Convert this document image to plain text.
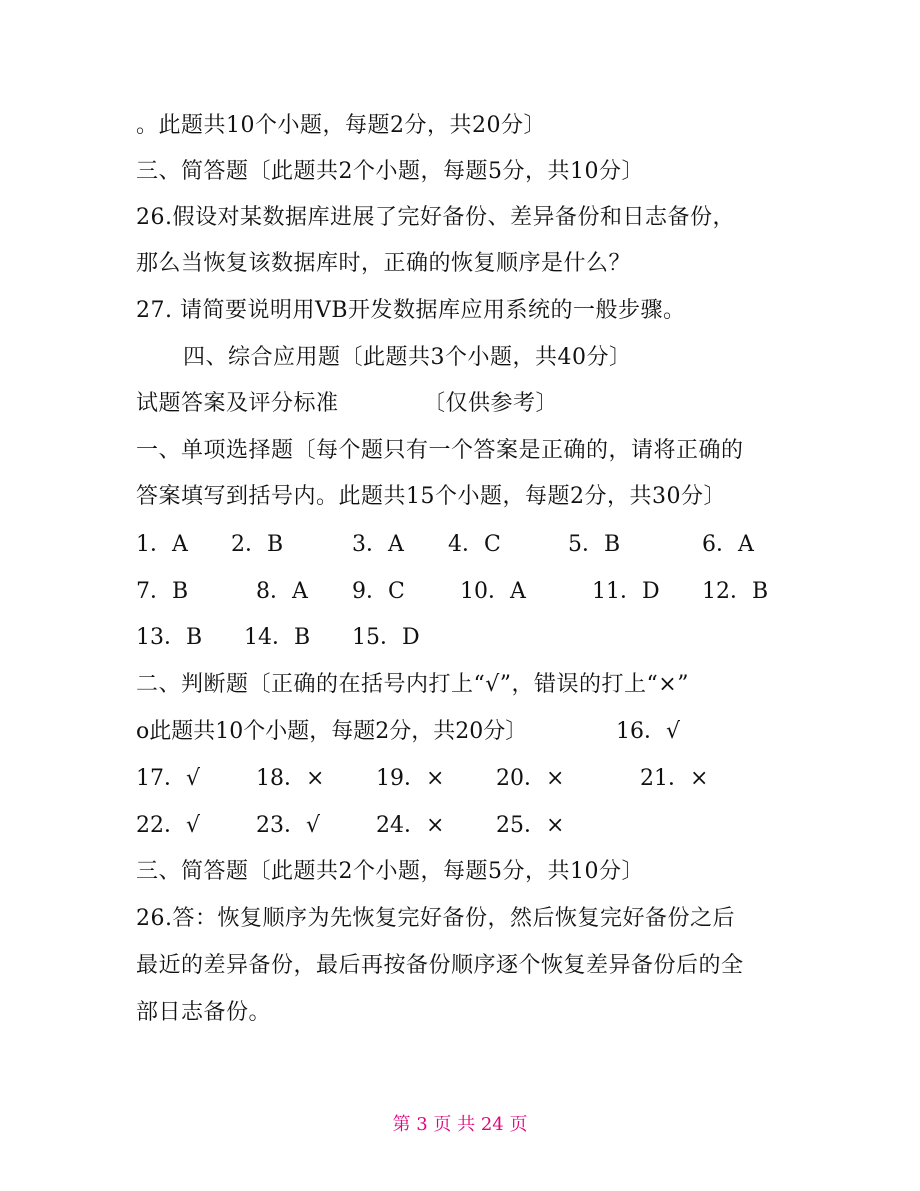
。此题共10个小题，每题2分，共20分〕
三、简答题〔此题共2个小题，每题5分，共10分〕
26.假设对某数据库进展了完好备份、差异备份和日志备份，
那么当恢复该数据库时，正确的恢复顺序是什么？
27. 请简要说明用VB开发数据库应用系统的一般步骤。
四、综合应用题〔此题共3个小题，共40分〕
试题答案及评分标准	〔仅供参考〕
一、单项选择题〔每个题只有一个答案是正确的，请将正确的
答案填写到括号内。此题共15个小题，每题2分，共30分〕
1．A 2．B	3．A 4．C	5．B	6．A
7．B	8．A 9．C	10．A	11．D 12．B
13．B 14．B 15．D
二、判断题〔正确的在括号内打上“√”，错误的打上“×”
o此题共10个小题，每题2分，共20分〕	16．√
17．√	18．× 19．× 20．×	21．×
22．√	23．√	24．× 25．×
三、简答题〔此题共2个小题，每题5分，共10分〕
26.答：恢复顺序为先恢复完好备份，然后恢复完好备份之后
最近的差异备份，最后再按备份顺序逐个恢复差异备份后的全
部日志备份。
第 3 页 共 24 页
